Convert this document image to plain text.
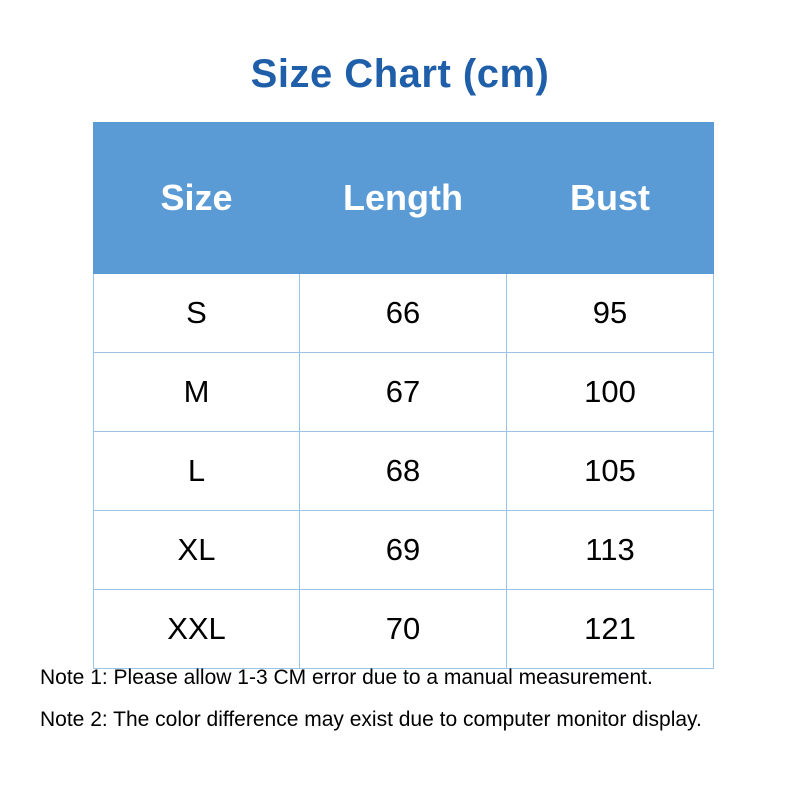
Size Chart (cm)
Size	Length	Bust
S	66	95
M	67	100
L	68	105
XL	69	113
XXL	70	121
Note 1: Please allow 1-3 CM error due to a manual measurement.
Note 2: The color difference may exist due to computer monitor display.
